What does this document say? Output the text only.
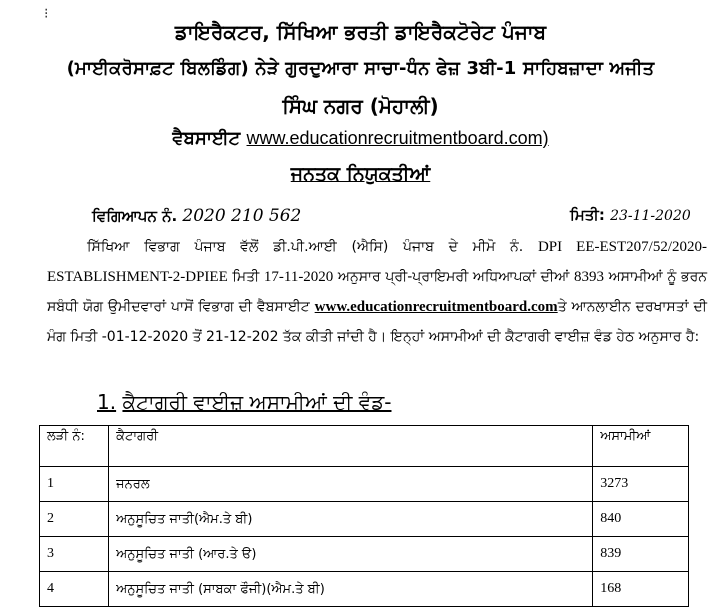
⁝
ਡਾਇਰੈਕਟਰ, ਸਿੱਖਿਆ ਭਰਤੀ ਡਾਇਰੈਕਟੋਰੇਟ ਪੰਜਾਬ
(ਮਾਈਕਰੋਸਾਫ਼ਟ ਬਿਲਡਿੰਗ) ਨੇੜੇ ਗੁਰਦੁਆਰਾ ਸਾਚਾ-ਧੰਨ ਫੇਜ਼ 3ਬੀ-1 ਸਾਹਿਬਜ਼ਾਦਾ ਅਜੀਤ
ਸਿੰਘ ਨਗਰ (ਮੋਹਾਲੀ)
ਵੈਬਸਾਈਟ www.educationrecruitmentboard.com)
ਜਨਤਕ ਨਿਯੁਕਤੀਆਂ
ਵਿਗਿਆਪਨ ਨੰ. 2020 210 562	ਮਿਤੀ: 23-11-2020
ਸਿੱਖਿਆ ਵਿਭਾਗ ਪੰਜਾਬ ਵੱਲੋਂ ਡੀ.ਪੀ.ਆਈ (ਐਸਿ) ਪੰਜਾਬ ਦੇ ਮੀਮੋ ਨੰ. DPI EE-EST207/52/2020-ESTABLISHMENT-2-DPIEE ਮਿਤੀ 17-11-2020 ਅਨੁਸਾਰ ਪ੍ਰੀ-ਪ੍ਰਾਇਮਰੀ ਅਧਿਆਪਕਾਂ ਦੀਆਂ 8393 ਅਸਾਮੀਆਂ ਨੂੰ ਭਰਨ ਸਬੰਧੀ ਯੋਗ ਉਮੀਦਵਾਰਾਂ ਪਾਸੋਂ ਵਿਭਾਗ ਦੀ ਵੈਬਸਾਈਟ www.educationrecruitmentboard.comਤੇ ਆਨਲਾਈਨ ਦਰਖਾਸਤਾਂ ਦੀ ਮੰਗ ਮਿਤੀ -01-12-2020 ਤੋਂ 21-12-202 ਤੱਕ ਕੀਤੀ ਜਾਂਦੀ ਹੈ। ਇਨ੍ਹਾਂ ਅਸਾਮੀਆਂ ਦੀ ਕੈਟਾਗਰੀ ਵਾਈਜ਼ ਵੰਡ ਹੇਠ ਅਨੁਸਾਰ ਹੈ:
1. ਕੈਟਾਗਰੀ ਵਾਈਜ਼ ਅਸਾਮੀਆਂ ਦੀ ਵੰਡ-
ਲੜੀ ਨੰ:	ਕੈਟਾਗਰੀ	ਅਸਾਮੀਆਂ
1	ਜਨਰਲ	3273
2	ਅਨੁਸੂਚਿਤ ਜਾਤੀ(ਐਮ.ਤੇ ਬੀ)	840
3	ਅਨੁਸੂਚਿਤ ਜਾਤੀ (ਆਰ.ਤੇ ੳ)	839
4	ਅਨੁਸੂਚਿਤ ਜਾਤੀ (ਸਾਬਕਾ ਫੌਜੀ)(ਐਮ.ਤੇ ਬੀ)	168
